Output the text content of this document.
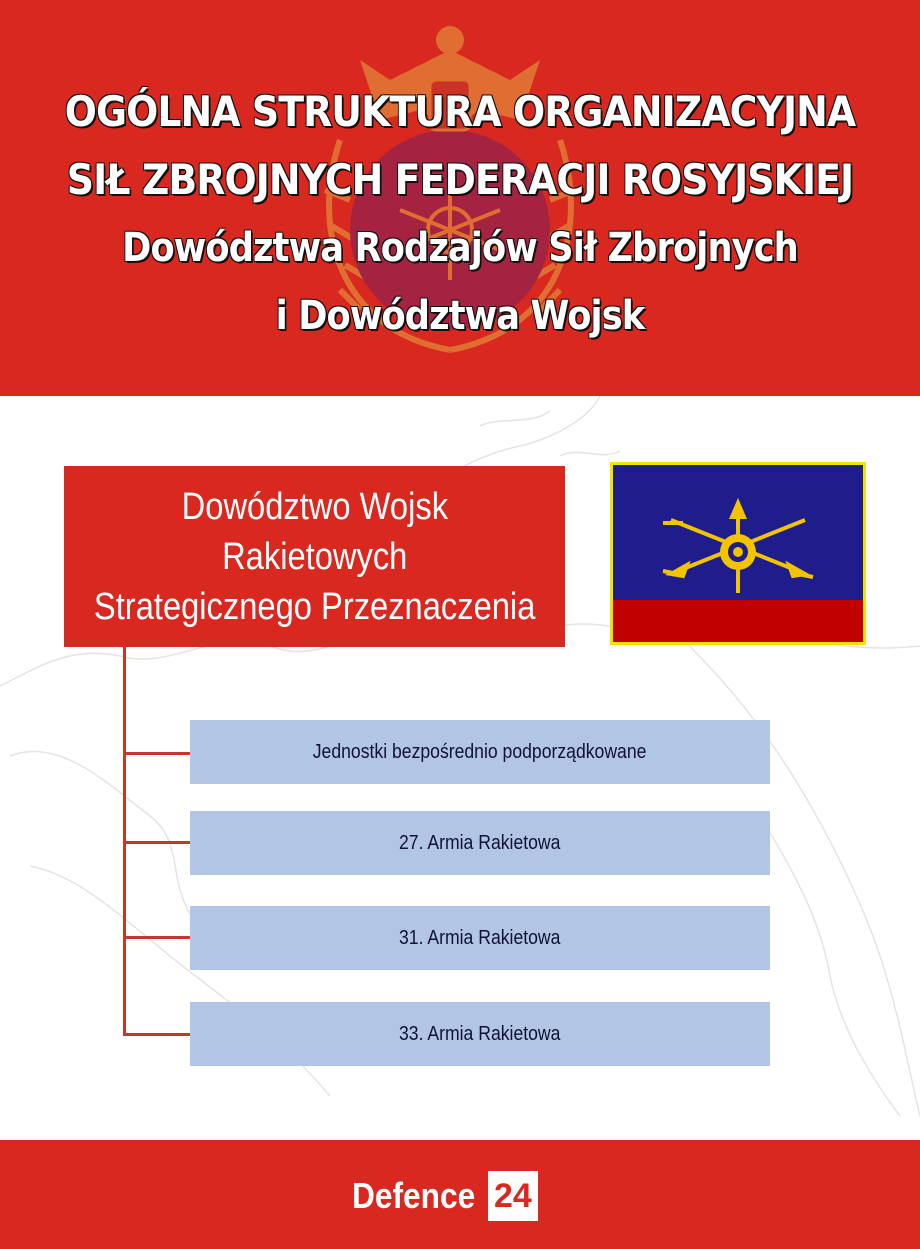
OGÓLNA STRUKTURA ORGANIZACYJNA
SIŁ ZBROJNYCH FEDERACJI ROSYJSKIEJ
Dowództwa Rodzajów Sił Zbrojnych
i Dowództwa Wojsk
Dowództwo Wojsk
Rakietowych
Strategicznego Przeznaczenia
Jednostki bezpośrednio podporządkowane
27. Armia Rakietowa
31. Armia Rakietowa
33. Armia Rakietowa
Defence 24
